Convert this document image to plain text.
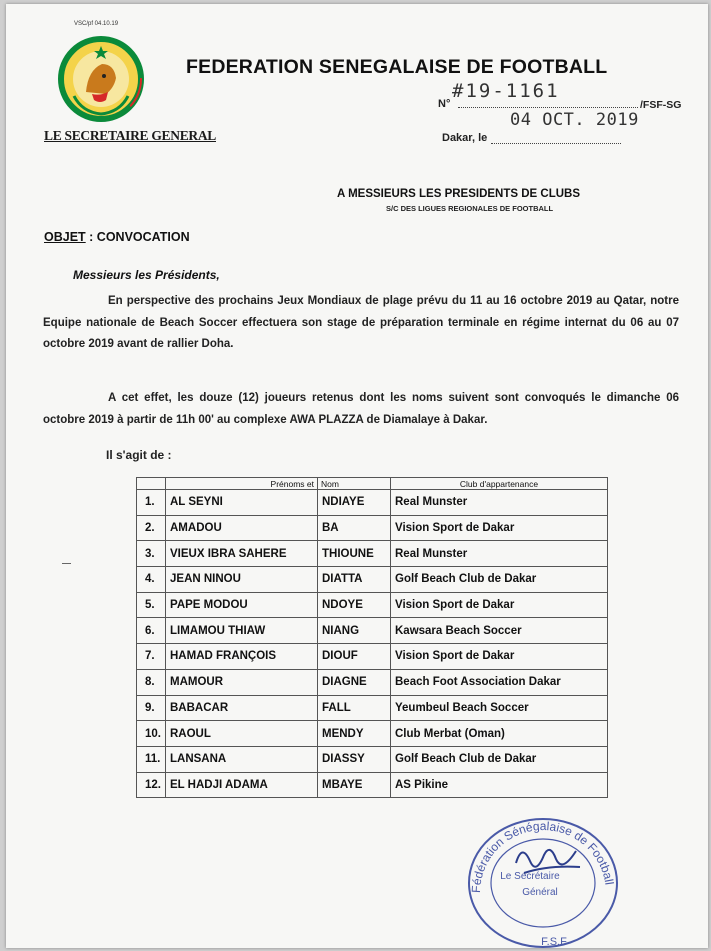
VSC/pf 04.10.19
LE SECRETAIRE GENERAL
FEDERATION SENEGALAISE DE FOOTBALL
#19-1161
N°	/FSF-SG
04 OCT. 2019
Dakar, le
A MESSIEURS LES PRESIDENTS DE CLUBS
S/C DES LIGUES REGIONALES DE FOOTBALL
OBJET : CONVOCATION
Messieurs les Présidents,

En perspective des prochains Jeux Mondiaux de plage prévu du 11 au 16 octobre 2019 au Qatar, notre Equipe nationale de Beach Soccer effectuera son stage de préparation terminale en régime internat du 06 au 07 octobre 2019 avant de rallier Doha.

A cet effet, les douze (12) joueurs retenus dont les noms suivent sont convoqués le dimanche 06 octobre 2019 à partir de 11h 00' au complexe AWA PLAZZA de Diamalaye à Dakar.

Il s'agit de :
	Prénoms et	Nom	Club d'appartenance
1.	AL SEYNI	NDIAYE	Real Munster
2.	AMADOU	BA	Vision Sport de Dakar
3.	VIEUX IBRA SAHERE	THIOUNE	Real Munster
4.	JEAN NINOU	DIATTA	Golf Beach Club de Dakar
5.	PAPE MODOU	NDOYE	Vision Sport de Dakar
6.	LIMAMOU THIAW	NIANG	Kawsara Beach Soccer
7.	HAMAD FRANÇOIS	DIOUF	Vision Sport de Dakar
8.	MAMOUR	DIAGNE	Beach Foot Association Dakar
9.	BABACAR	FALL	Yeumbeul Beach Soccer
10.	RAOUL	MENDY	Club Merbat (Oman)
11.	LANSANA	DIASSY	Golf Beach Club de Dakar
12.	EL HADJI ADAMA	MBAYE	AS Pikine
Fédération Sénégalaise de Football
Le Secrétaire
Général
F.S.F
